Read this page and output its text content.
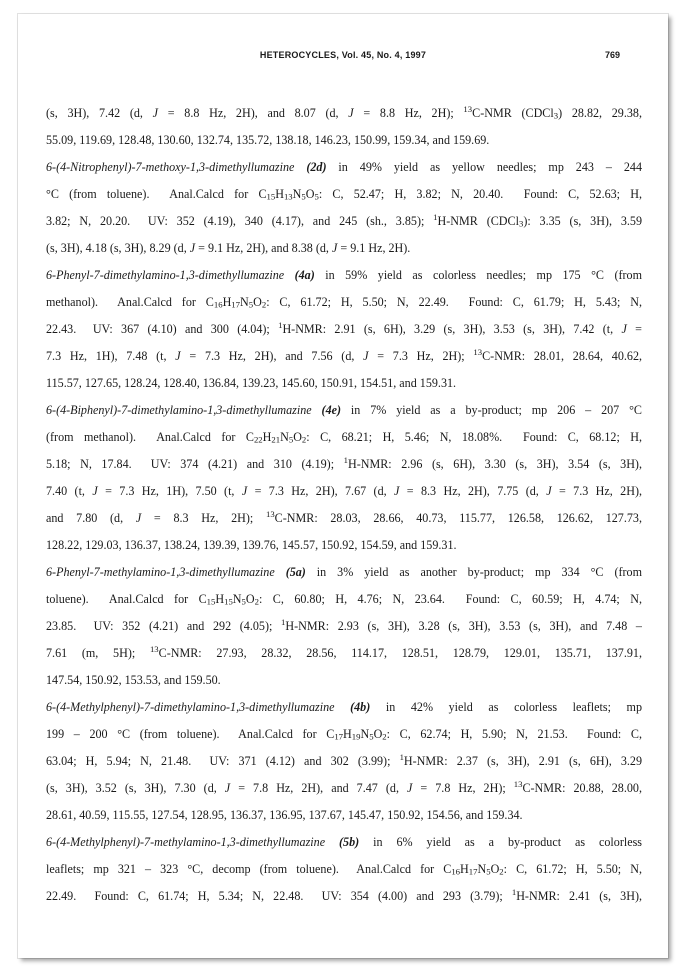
HETEROCYCLES, Vol. 45, No. 4, 1997	769
(s, 3H), 7.42 (d, J = 8.8 Hz, 2H), and 8.07 (d, J = 8.8 Hz, 2H); $^{13}$C-NMR (CDCl$_3$) 28.82, 29.38,
55.09, 119.69, 128.48, 130.60, 132.74, 135.72, 138.18, 146.23, 150.99, 159.34, and 159.69.
6-(4-Nitrophenyl)-7-methoxy-1,3-dimethyllumazine (2d) in 49% yield as yellow needles; mp 243 – 244
°C (from toluene).  Anal.Calcd for $C_{15}H_{13}N_5O_5$: C, 52.47; H, 3.82; N, 20.40.  Found: C, 52.63; H,
3.82; N, 20.20.  UV: 352 (4.19), 340 (4.17), and 245 (sh., 3.85); $^1$H-NMR (CDCl$_3$): 3.35 (s, 3H), 3.59
(s, 3H), 4.18 (s, 3H), 8.29 (d, J = 9.1 Hz, 2H), and 8.38 (d, J = 9.1 Hz, 2H).
6-Phenyl-7-dimethylamino-1,3-dimethyllumazine (4a) in 59% yield as colorless needles; mp 175 °C (from
methanol).  Anal.Calcd for $C_{16}H_{17}N_5O_2$: C, 61.72; H, 5.50; N, 22.49.  Found: C, 61.79; H, 5.43; N,
22.43.  UV: 367 (4.10) and 300 (4.04); $^1$H-NMR: 2.91 (s, 6H), 3.29 (s, 3H), 3.53 (s, 3H), 7.42 (t, J =
7.3 Hz, 1H), 7.48 (t, J = 7.3 Hz, 2H), and 7.56 (d, J = 7.3 Hz, 2H); $^{13}$C-NMR: 28.01, 28.64, 40.62,
115.57, 127.65, 128.24, 128.40, 136.84, 139.23, 145.60, 150.91, 154.51, and 159.31.
6-(4-Biphenyl)-7-dimethylamino-1,3-dimethyllumazine (4e) in 7% yield as a by-product; mp 206 – 207 °C
(from methanol).  Anal.Calcd for $C_{22}H_{21}N_5O_2$: C, 68.21; H, 5.46; N, 18.08%.  Found: C, 68.12; H,
5.18; N, 17.84.  UV: 374 (4.21) and 310 (4.19); $^1$H-NMR: 2.96 (s, 6H), 3.30 (s, 3H), 3.54 (s, 3H),
7.40 (t, J = 7.3 Hz, 1H), 7.50 (t, J = 7.3 Hz, 2H), 7.67 (d, J = 8.3 Hz, 2H), 7.75 (d, J = 7.3 Hz, 2H),
and 7.80 (d, J = 8.3 Hz, 2H); $^{13}$C-NMR: 28.03, 28.66, 40.73, 115.77, 126.58, 126.62, 127.73,
128.22, 129.03, 136.37, 138.24, 139.39, 139.76, 145.57, 150.92, 154.59, and 159.31.
6-Phenyl-7-methylamino-1,3-dimethyllumazine (5a) in 3% yield as another by-product; mp 334 °C (from
toluene).  Anal.Calcd for $C_{15}H_{15}N_5O_2$: C, 60.80; H, 4.76; N, 23.64.  Found: C, 60.59; H, 4.74; N,
23.85.  UV: 352 (4.21) and 292 (4.05); $^1$H-NMR: 2.93 (s, 3H), 3.28 (s, 3H), 3.53 (s, 3H), and 7.48 –
7.61 (m, 5H); $^{13}$C-NMR: 27.93, 28.32, 28.56, 114.17, 128.51, 128.79, 129.01, 135.71, 137.91,
147.54, 150.92, 153.53, and 159.50.
6-(4-Methylphenyl)-7-dimethylamino-1,3-dimethyllumazine (4b) in 42% yield as colorless leaflets; mp
199 – 200 °C (from toluene).  Anal.Calcd for $C_{17}H_{19}N_5O_2$: C, 62.74; H, 5.90; N, 21.53.  Found: C,
63.04; H, 5.94; N, 21.48.  UV: 371 (4.12) and 302 (3.99); $^1$H-NMR: 2.37 (s, 3H), 2.91 (s, 6H), 3.29
(s, 3H), 3.52 (s, 3H), 7.30 (d, J = 7.8 Hz, 2H), and 7.47 (d, J = 7.8 Hz, 2H); $^{13}$C-NMR: 20.88, 28.00,
28.61, 40.59, 115.55, 127.54, 128.95, 136.37, 136.95, 137.67, 145.47, 150.92, 154.56, and 159.34.
6-(4-Methylphenyl)-7-methylamino-1,3-dimethyllumazine (5b) in 6% yield as a by-product as colorless
leaflets; mp 321 – 323 °C, decomp (from toluene).  Anal.Calcd for $C_{16}H_{17}N_5O_2$: C, 61.72; H, 5.50; N,
22.49.  Found: C, 61.74; H, 5.34; N, 22.48.  UV: 354 (4.00) and 293 (3.79); $^1$H-NMR: 2.41 (s, 3H),
